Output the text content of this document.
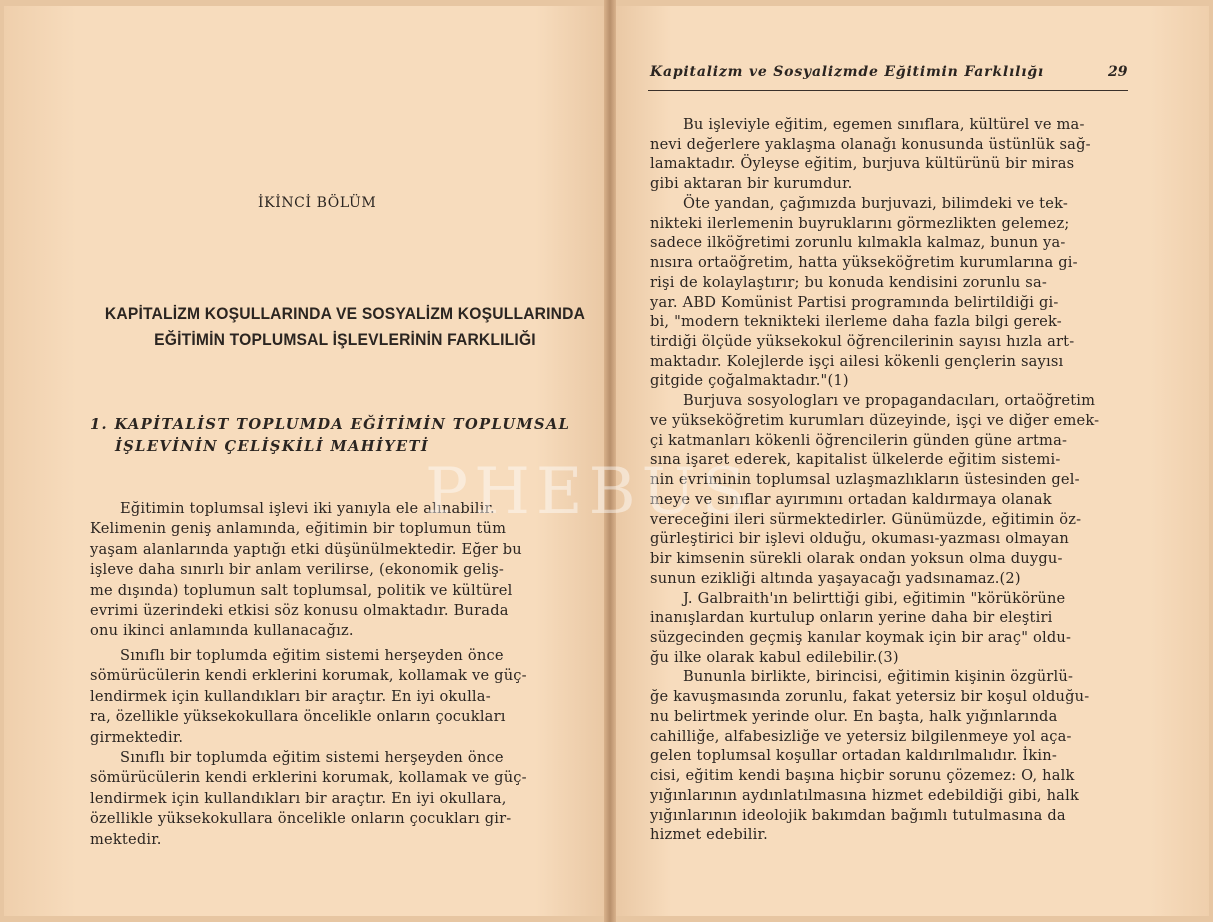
İKİNCİ BÖLÜM
KAPİTALİZM KOŞULLARINDA VE SOSYALİZM KOŞULLARINDA
EĞİTİMİN TOPLUMSAL İŞLEVLERİNİN FARKLILIĞI
1. KAPİTALİST TOPLUMDA EĞİTİMİN TOPLUMSAL
İŞLEVİNİN ÇELİŞKİLİ MAHİYETİ
Eğitimin toplumsal işlevi iki yanıyla ele alınabilir.
Kelimenin geniş anlamında, eğitimin bir toplumun tüm
yaşam alanlarında yaptığı etki düşünülmektedir. Eğer bu
işleve daha sınırlı bir anlam verilirse, (ekonomik geliş-
me dışında) toplumun salt toplumsal, politik ve kültürel
evrimi üzerindeki etkisi söz konusu olmaktadır. Burada
onu ikinci anlamında kullanacağız.
Sınıflı bir toplumda eğitim sistemi herşeyden önce
sömürücülerin kendi erklerini korumak, kollamak ve güç-
lendirmek için kullandıkları bir araçtır. En iyi okulla-
ra, özellikle yüksekokullara öncelikle onların çocukları
girmektedir.
Sınıflı bir toplumda eğitim sistemi herşeyden önce
sömürücülerin kendi erklerini korumak, kollamak ve güç-
lendirmek için kullandıkları bir araçtır. En iyi okullara,
özellikle yüksekokullara öncelikle onların çocukları gir-
mektedir.
Kapitalizm ve Sosyalizmde Eğitimin Farklılığı	29
Bu işleviyle eğitim, egemen sınıflara, kültürel ve ma-
nevi değerlere yaklaşma olanağı konusunda üstünlük sağ-
lamaktadır. Öyleyse eğitim, burjuva kültürünü bir miras
gibi aktaran bir kurumdur.
Öte yandan, çağımızda burjuvazi, bilimdeki ve tek-
nikteki ilerlemenin buyruklarını görmezlikten gelemez;
sadece ilköğretimi zorunlu kılmakla kalmaz, bunun ya-
nısıra ortaöğretim, hatta yükseköğretim kurumlarına gi-
rişi de kolaylaştırır; bu konuda kendisini zorunlu sa-
yar. ABD Komünist Partisi programında belirtildiği gi-
bi, "modern teknikteki ilerleme daha fazla bilgi gerek-
tirdiği ölçüde yüksekokul öğrencilerinin sayısı hızla art-
maktadır. Kolejlerde işçi ailesi kökenli gençlerin sayısı
gitgide çoğalmaktadır."(1)
Burjuva sosyologları ve propagandacıları, ortaöğretim
ve yükseköğretim kurumları düzeyinde, işçi ve diğer emek-
çi katmanları kökenli öğrencilerin günden güne artma-
sına işaret ederek, kapitalist ülkelerde eğitim sistemi-
nin evriminin toplumsal uzlaşmazlıkların üstesinden gel-
meye ve sınıflar ayırımını ortadan kaldırmaya olanak
vereceğini ileri sürmektedirler. Günümüzde, eğitimin öz-
gürleştirici bir işlevi olduğu, okuması-yazması olmayan
bir kimsenin sürekli olarak ondan yoksun olma duygu-
sunun ezikliği altında yaşayacağı yadsınamaz.(2)
J. Galbraith'ın belirttiği gibi, eğitimin "körükörüne
inanışlardan kurtulup onların yerine daha bir eleştiri
süzgecinden geçmiş kanılar koymak için bir araç" oldu-
ğu ilke olarak kabul edilebilir.(3)
Bununla birlikte, birincisi, eğitimin kişinin özgürlü-
ğe kavuşmasında zorunlu, fakat yetersiz bir koşul olduğu-
nu belirtmek yerinde olur. En başta, halk yığınlarında
cahilliğe, alfabesizliğe ve yetersiz bilgilenmeye yol aça-
gelen toplumsal koşullar ortadan kaldırılmalıdır. İkin-
cisi, eğitim kendi başına hiçbir sorunu çözemez: O, halk
yığınlarının aydınlatılmasına hizmet edebildiği gibi, halk
yığınlarının ideolojik bakımdan bağımlı tutulmasına da
hizmet edebilir.
PHEBUS
